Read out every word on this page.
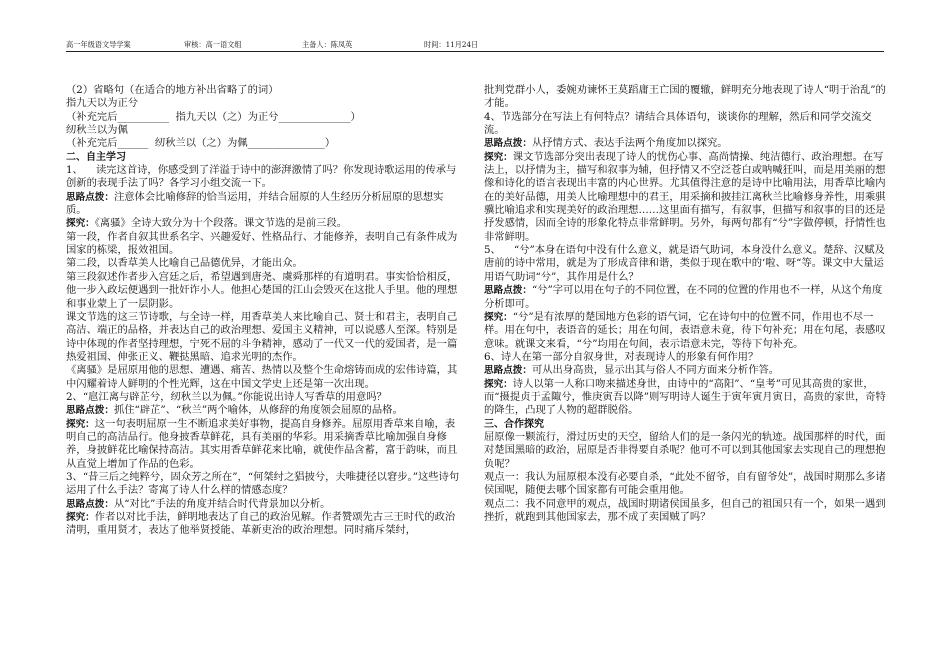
高一年级语文导学案	审核：高一语文组	主备人：陈凤英	时间：11月24日

（2）省略句（在适合的地方补出省略了的词）

指九天以为正兮

（补充完后__________  指九天以（之）为正兮______________）

纫秋兰以为佩

（补充完后______  纫秋兰以（之）为佩_______________）

二、自主学习

1、    读完这首诗，你感受到了洋溢于诗中的澎湃激情了吗？你发现诗歌运用的传承与创新的表现手法了吗？各学习小组交流一下。

思路点拨：注意体会比喻修辞的恰当运用，并结合屈原的人生经历分析屈原的思想实质。

探究：《离骚》全诗大致分为十个段落。课文节选的是前三段。

第一段，作者自叙其世系名字、兴趣爱好、性格品行、才能修养，表明自己有条件成为国家的栋梁，报效祖国。

第二段，以香草美人比喻自己品德优异，才能出众。

第三段叙述作者步入宫廷之后，希望遇到唐尧、虞舜那样的有道明君。事实恰恰相反，他一步入政坛便遇到一批奸诈小人。他担心楚国的江山会毁灭在这批人手里。他的理想和事业蒙上了一层阴影。

课文节选的这三节诗歌，与全诗一样，用香草美人来比喻自己、贤士和君主，表明自己高洁、端正的品格，并表达自己的政治理想、爱国主义精神，可以说感人至深。特别是诗中体现的作者坚持理想，宁死不屈的斗争精神，感动了一代又一代的爱国者，是一篇热爱祖国、伸张正义、鞭挞黑暗、追求光明的杰作。

《离骚》是屈原用他的思想、遭遇、痛苦、热情以及整个生命熔铸而成的宏伟诗篇，其中闪耀着诗人鲜明的个性光辉，这在中国文学史上还是第一次出现。

2、“扈江离与辟芷兮，纫秋兰以为佩。”你能说出诗人写香草的用意吗？

思路点拨：抓住“辟芷”、“秋兰”两个喻体，从修辞的角度领会屈原的品格。

探究：这一句表明屈原一生不断追求美好事物，提高自身修养。屈原用香草来自喻，表明自己的高洁品行。他身披香草鲜花，具有美丽的华彩。用采摘香草比喻加强自身修养，身披鲜花比喻保持高洁。其实用香草鲜花来比喻，就使作品含蓄，富于韵味，而且从直觉上增加了作品的色彩。

3、“昔三后之纯粹兮，固众芳之所在”，“何桀纣之猖披兮，夫唯捷径以窘步。”这些诗句运用了什么手法？寄寓了诗人什么样的情感态度？

思路点拨：从“对比”手法的角度并结合时代背景加以分析。

探究：作者以对比手法，鲜明地表达了自己的政治见解。作者赞颂先古三王时代的政治清明，重用贤才，表达了他举贤授能、革新吏治的政治理想。同时痛斥桀纣，

批判党群小人，委婉劝谏怀王莫蹈庸王亡国的覆辙，鲜明充分地表现了诗人“明于治乱”的才能。

4、节选部分在写法上有何特点？请结合具体语句，谈谈你的理解，然后和同学交流交流。

思路点拨：从抒情方式、表达手法两个角度加以探究。

探究：课文节选部分突出表现了诗人的忧伤心事、高尚情操、纯洁德行、政治理想。在写法上，以抒情为主，描写和叙事为辅，但抒情又不空泛苍白或呐喊狂叫，而是用美丽的想像和诗化的语言表现出丰富的内心世界。尤其值得注意的是诗中比喻用法，用香草比喻内在的美好品德，用美人比喻理想中的君王，用采摘和披挂江离秋兰比喻修身养性，用乘骐骥比喻追求和实现美好的政治理想……这里面有描写，有叙事，但描写和叙事的目的还是抒发感情，因而全诗的形象化特点非常鲜明。另外，每两句都有“兮”字做停顿，抒情性也非常鲜明。

5、    “兮”本身在语句中没有什么意义，就是语气助词，本身没什么意义。楚辞、汉赋及唐前的诗中常用，就是为了形成音律和谐，类似于现在歌中的‘啦、呀“等。课文中大量运用语气助词“兮”，其作用是什么？

思路点拨：“兮”字可以用在句子的不同位置，在不同的位置的作用也不一样，从这个角度分析即可。

探究：“兮”是有浓厚的楚国地方色彩的语气词，它在诗句中的位置不同，作用也不尽一样。用在句中，表语音的延长；用在句间，表语意未竟，待下句补充；用在句尾，表感叹意味。就课文来看，“兮”均用在句间，表示语意未完，等待下句补充。

6、诗人在第一部分自叙身世，对表现诗人的形象有何作用？

思路点拨：可从出身高贵，显示出其与俗人不同方面来分析作答。

探究：诗人以第一人称口吻来描述身世，由诗中的“高阳”、“皇考”可见其高贵的家世，而“摄提贞于孟陬兮，惟庚寅吾以降”则写明诗人诞生于寅年寅月寅日，高贵的家世，奇特的降生，凸现了人物的超群脱俗。

三、合作探究

屈原像一颗流行，滑过历史的天空，留给人们的是一条闪光的轨迹。战国那样的时代，面对楚国黑暗的政治，屈原是否非得要自杀呢？他可不可以到其他国家去实现自己的理想抱负呢？

观点一：我认为屈原根本没有必要自杀，“此处不留爷，自有留爷处”，战国时期那么多诸侯国呢，随便去哪个国家都有可能会重用他。

观点二：我不同意甲的观点，战国时期诸侯国虽多，但自己的祖国只有一个，如果一遇到挫折，就跑到其他国家去，那不成了卖国贼了吗？
